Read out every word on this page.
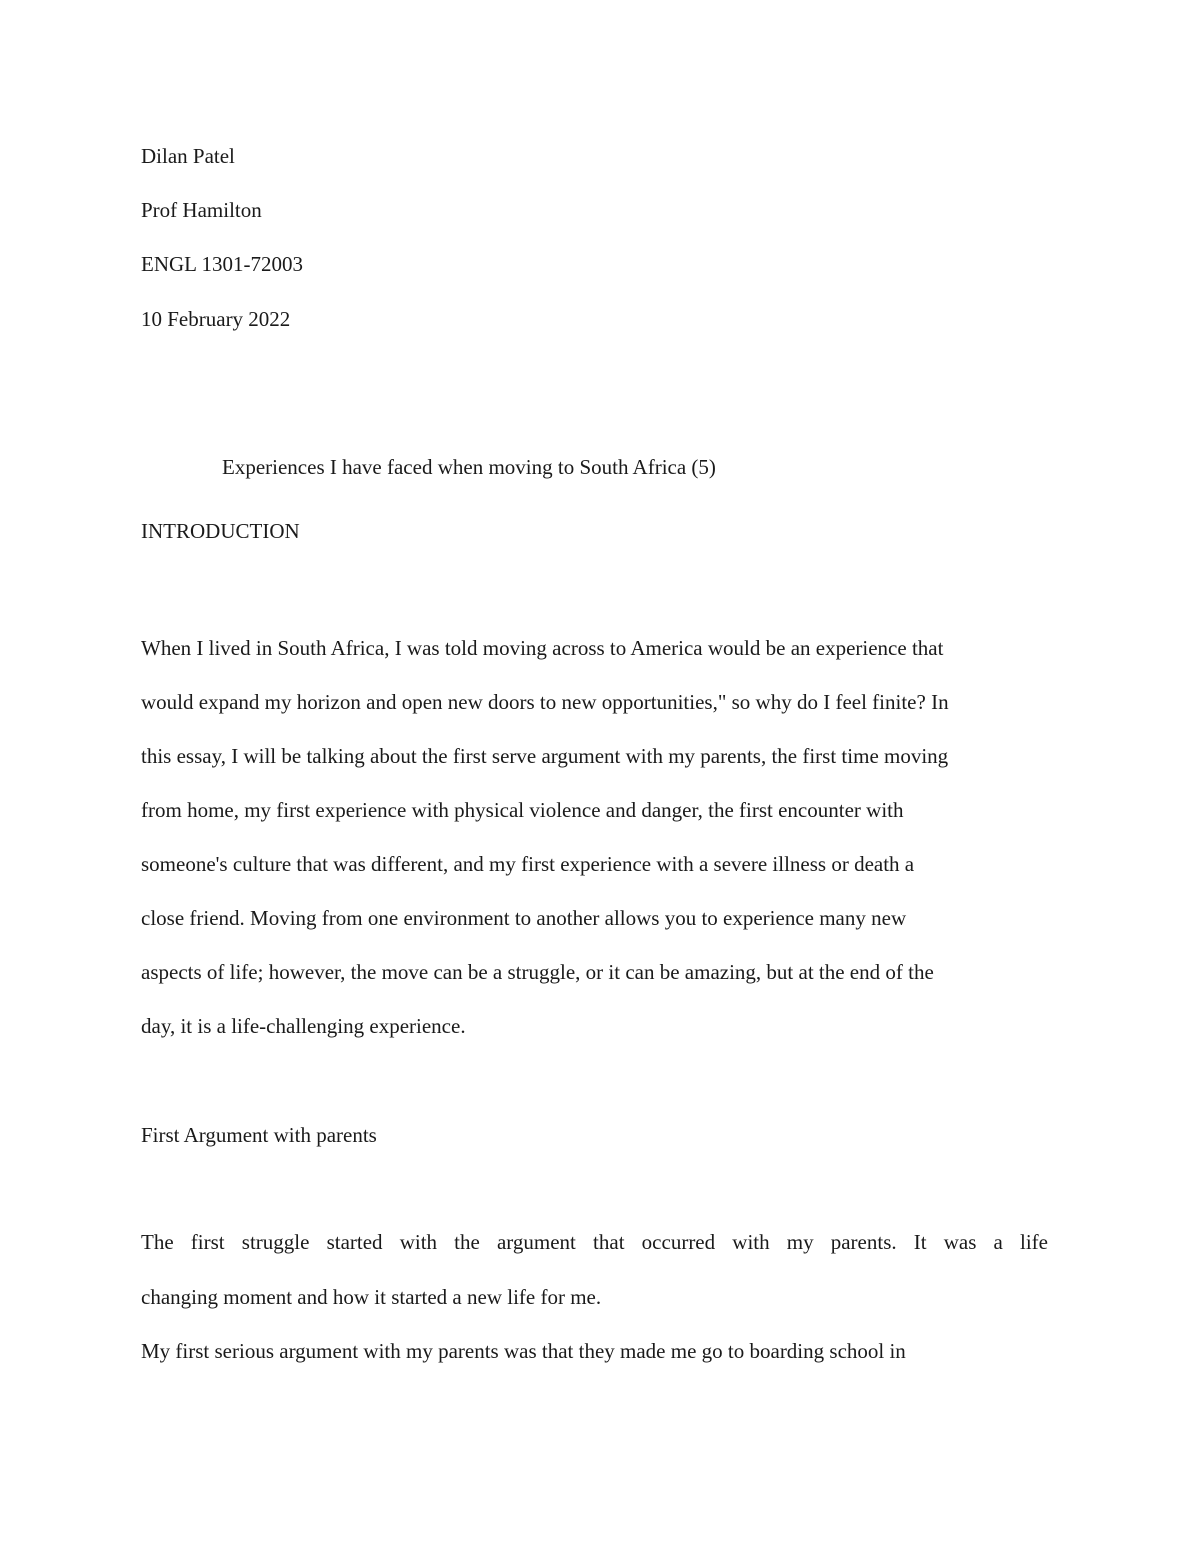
Dilan Patel

Prof Hamilton

ENGL 1301-72003

10 February 2022

Experiences I have faced when moving to South Africa (5)

INTRODUCTION

When I lived in South Africa, I was told moving across to America would be an experience that

would expand my horizon and open new doors to new opportunities," so why do I feel finite? In

this essay, I will be talking about the first serve argument with my parents, the first time moving

from home, my first experience with physical violence and danger, the first encounter with

someone's culture that was different, and my first experience with a severe illness or death a

close friend. Moving from one environment to another allows you to experience many new

aspects of life; however, the move can be a struggle, or it can be amazing, but at the end of the

day, it is a life-challenging experience.

First Argument with parents

The first struggle started with the argument that occurred with my parents. It was a life

changing moment and how it started a new life for me.

My first serious argument with my parents was that they made me go to boarding school in
